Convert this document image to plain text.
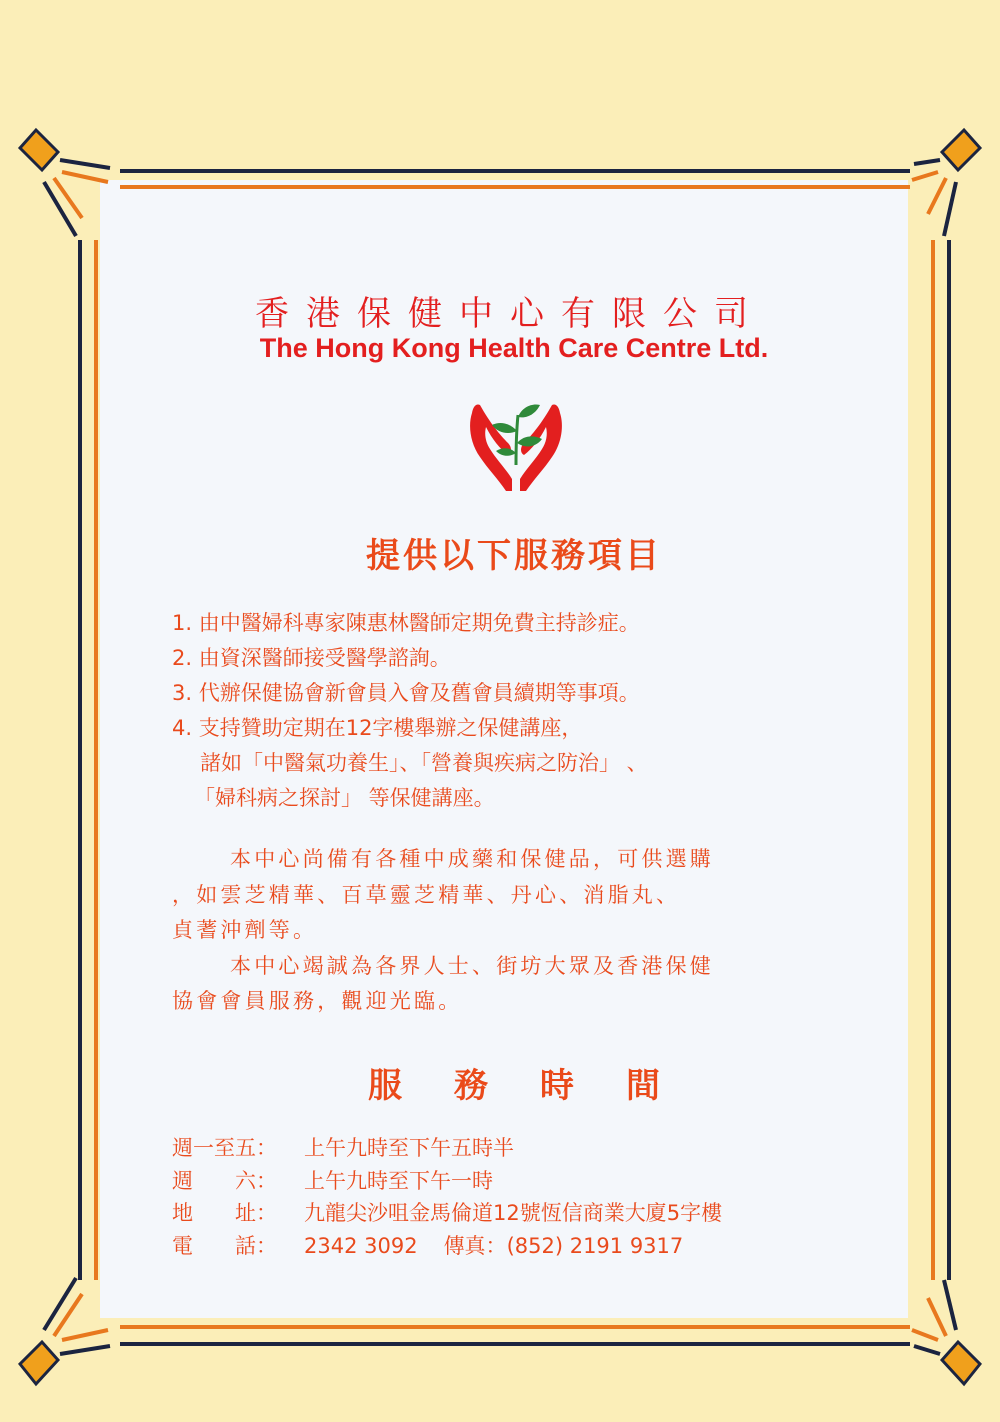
香港保健中心有限公司
The Hong Kong Health Care Centre Ltd.
提供以下服務項目
1. 由中醫婦科專家陳惠林醫師定期免費主持診症。
2. 由資深醫師接受醫學諮詢。
3. 代辦保健協會新會員入會及舊會員續期等事項。
4. 支持贊助定期在12字樓舉辦之保健講座，
諸如「中醫氣功養生」、「營養與疾病之防治」 、
「婦科病之探討」 等保健講座。
本中心尚備有各種中成藥和保健品，可供選購
，如雲芝精華、百草靈芝精華、丹心、消脂丸、
貞蓍沖劑等。
本中心竭誠為各界人士、街坊大眾及香港保健
協會會員服務，觀迎光臨。
服務時間
週一至五：	上午九時至下午五時半
週　　六：	上午九時至下午一時
地　　址：	九龍尖沙咀金馬倫道12號恆信商業大廈5字樓
電　　話：	2342 3092 傳真：(852) 2191 9317
